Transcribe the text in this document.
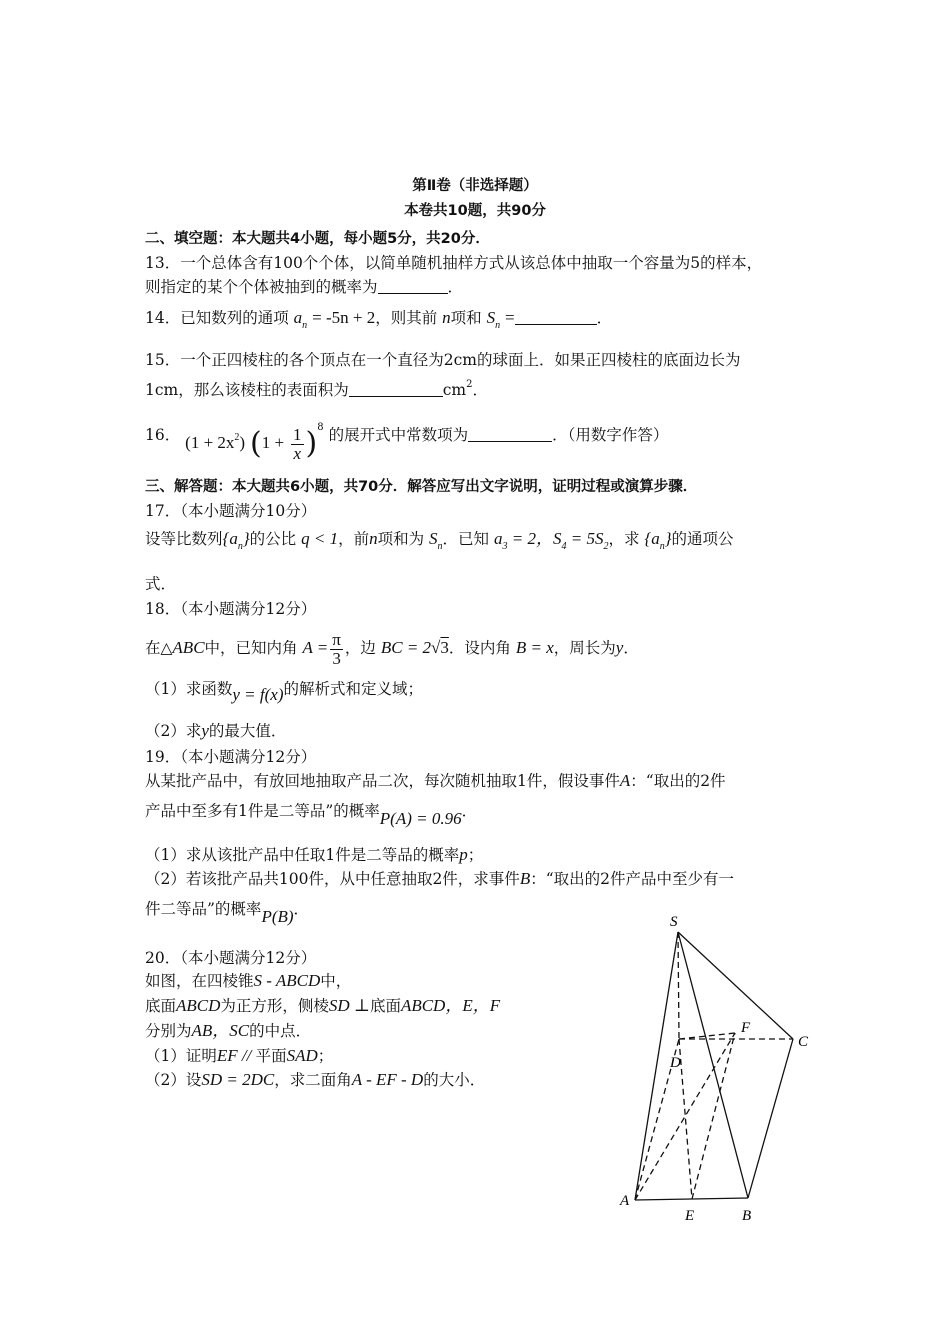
第Ⅱ卷（非选择题）
本卷共10题，共90分
二、填空题：本大题共4小题，每小题5分，共20分．
13．一个总体含有100个个体，以简单随机抽样方式从该总体中抽取一个容量为5的样本，
则指定的某个个体被抽到的概率为	．
14．已知数列的通项 $a_n = -5n + 2$，则其前 n项和 $S_n$ =	．
15．一个正四棱柱的各个顶点在一个直径为2cm的球面上．如果正四棱柱的底面边长为
1cm，那么该棱柱的表面积为	$cm^2$．
16． $(1 + 2x^2)$ $(1 + \frac{1}{x} )^8$ 的展开式中常数项为	．（用数字作答）
三、解答题：本大题共6小题，共70分．解答应写出文字说明，证明过程或演算步骤．
17．（本小题满分10分）
设等比数列$\{a_n\}$的公比 q < 1，前n项和为 $S_n$．已知 $a_3 = 2$，$S_4 = 5S_2$，求 $\{a_n\}$的通项公
式．
18．（本小题满分12分）
在△ABC中，已知内角 $A = \frac{\pi}{3}$ ，边 BC = 2√3．设内角 B = x，周长为y．
（1）求函数y = f(x)的解析式和定义域；
（2）求y的最大值．
19．（本小题满分12分）
从某批产品中，有放回地抽取产品二次，每次随机抽取1件，假设事件A：“取出的2件
产品中至多有1件是二等品”的概率P(A) = 0.96．
（1）求从该批产品中任取1件是二等品的概率p；
（2）若该批产品共100件，从中任意抽取2件，求事件B：“取出的2件产品中至少有一
件二等品”的概率P(B)．
20．（本小题满分12分）
如图，在四棱锥S - ABCD中，
底面ABCD为正方形，侧棱SD ⊥底面ABCD，E，F
分别为AB，SC的中点．
（1）证明EF // 平面SAD；
（2）设SD = 2DC，求二面角A - EF - D的大小．
S
F
C
D
A
E	B
